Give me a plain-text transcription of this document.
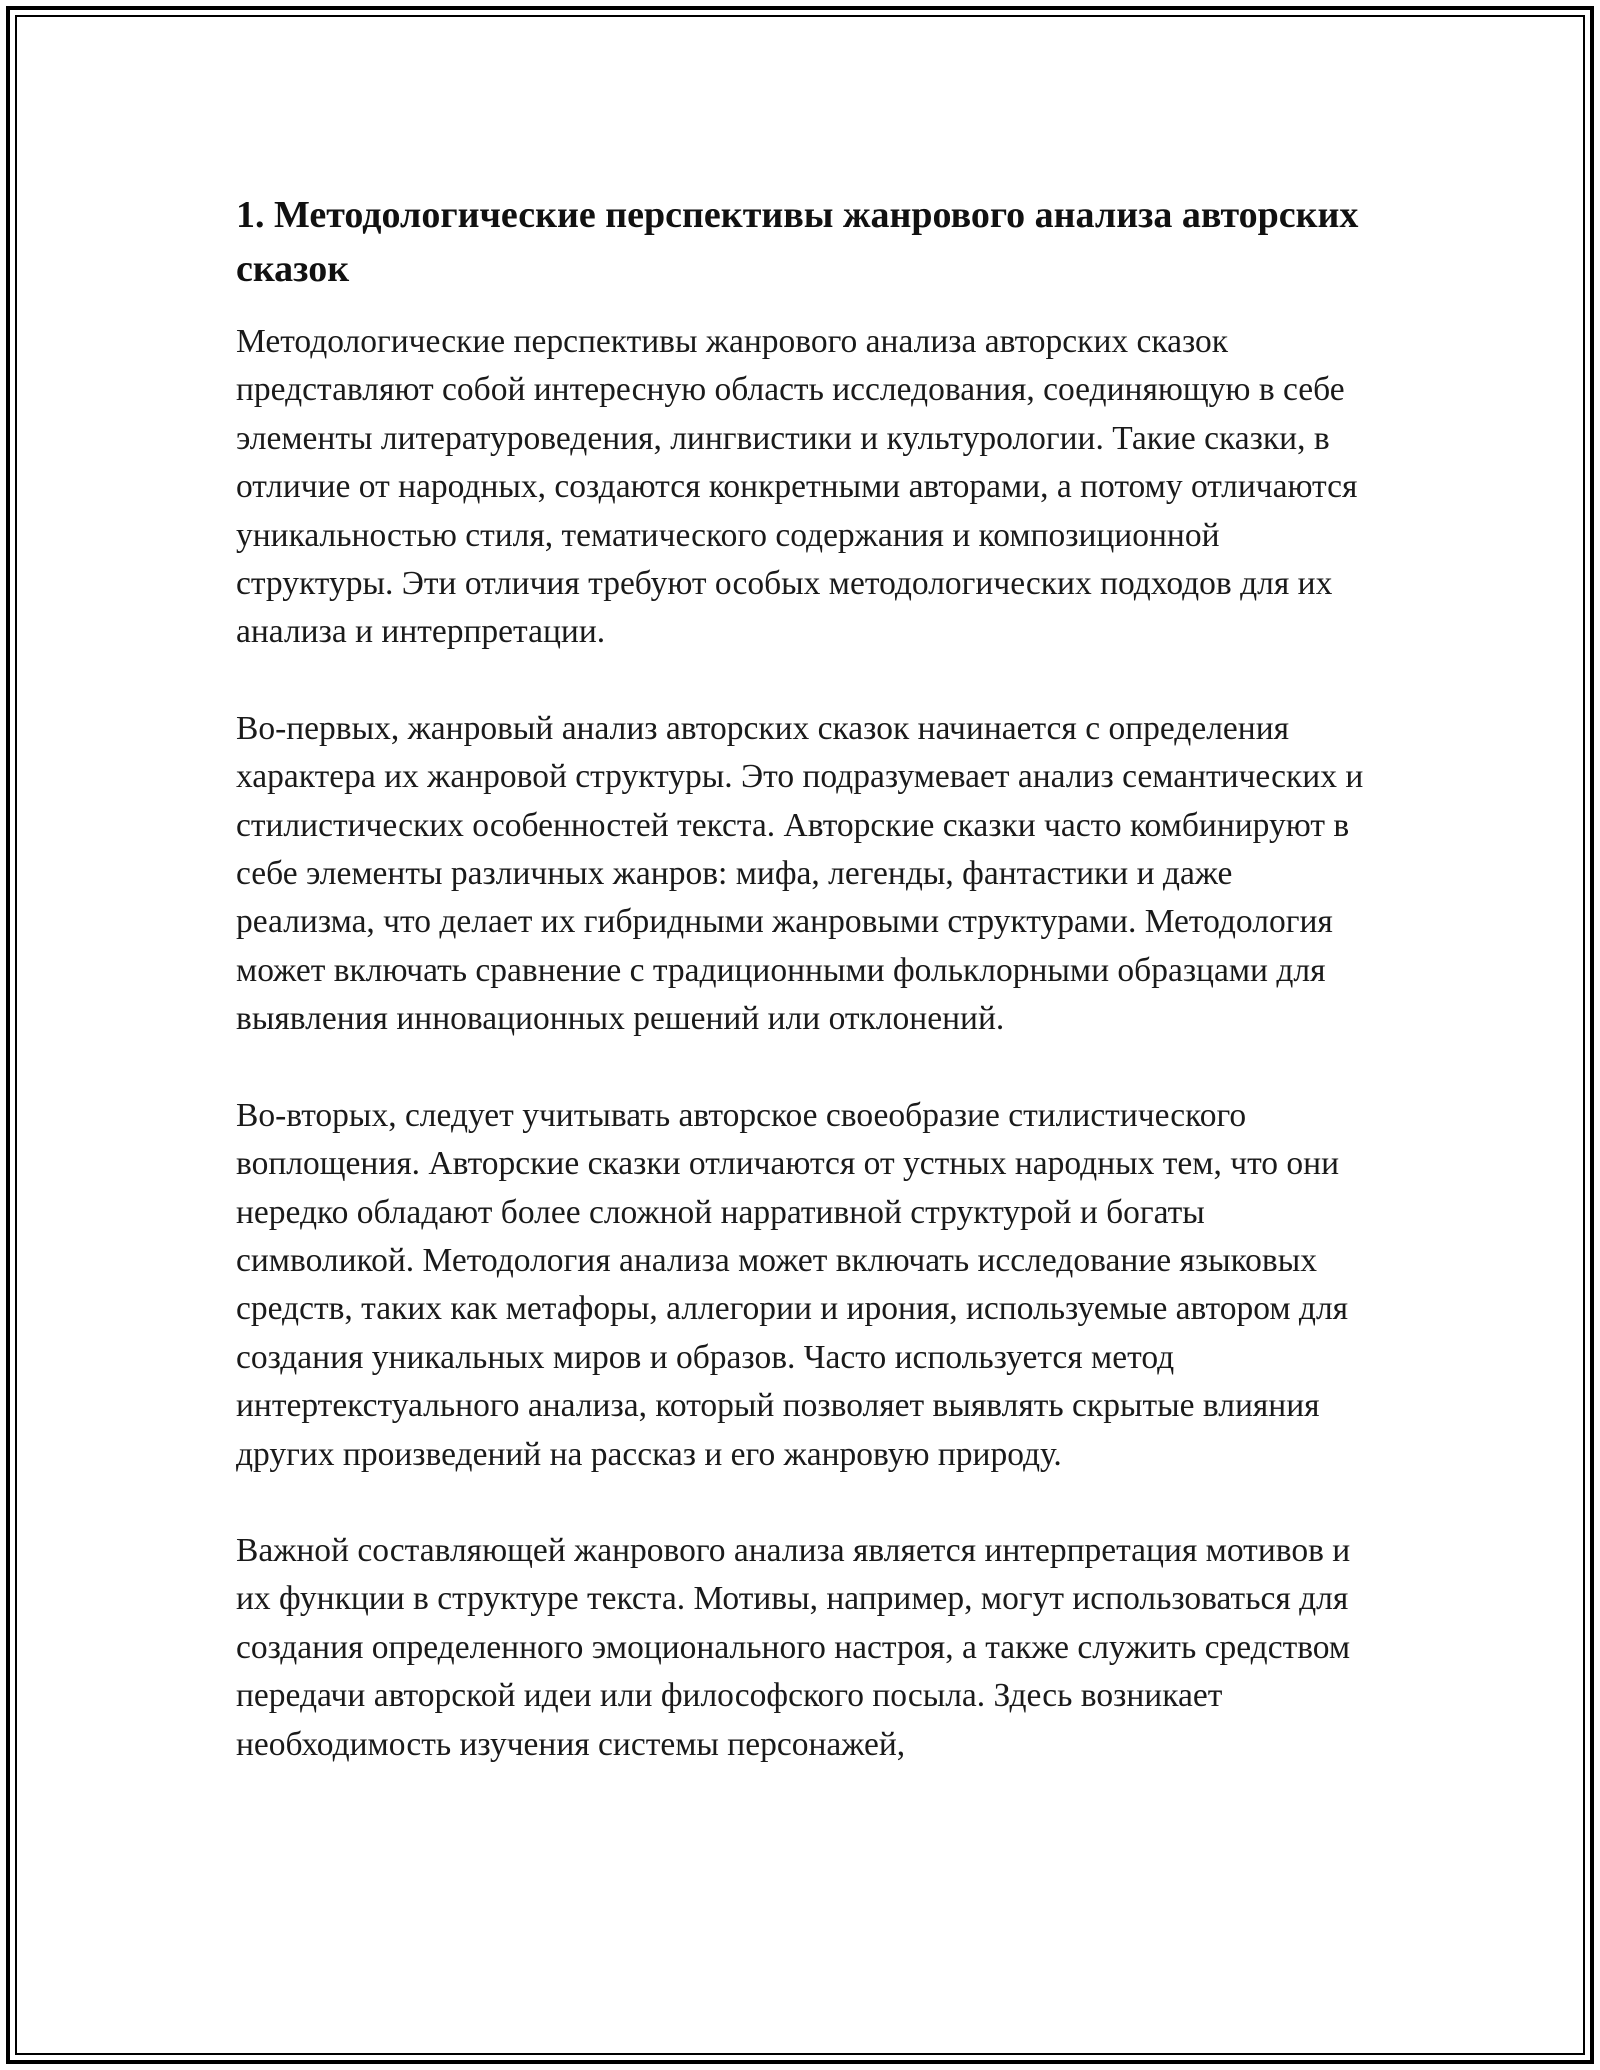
1. Методологические перспективы жанрового анализа авторских сказок

Методологические перспективы жанрового анализа авторских сказок представляют собой интересную область исследования, соединяющую в себе элементы литературоведения, лингвистики и культурологии. Такие сказки, в отличие от народных, создаются конкретными авторами, а потому отличаются уникальностью стиля, тематического содержания и композиционной структуры. Эти отличия требуют особых методологических подходов для их анализа и интерпретации.

Во-первых, жанровый анализ авторских сказок начинается с определения характера их жанровой структуры. Это подразумевает анализ семантических и стилистических особенностей текста. Авторские сказки часто комбинируют в себе элементы различных жанров: мифа, легенды, фантастики и даже реализма, что делает их гибридными жанровыми структурами. Методология может включать сравнение с традиционными фольклорными образцами для выявления инновационных решений или отклонений.

Во-вторых, следует учитывать авторское своеобразие стилистического воплощения. Авторские сказки отличаются от устных народных тем, что они нередко обладают более сложной нарративной структурой и богаты символикой. Методология анализа может включать исследование языковых средств, таких как метафоры, аллегории и ирония, используемые автором для создания уникальных миров и образов. Часто используется метод интертекстуального анализа, который позволяет выявлять скрытые влияния других произведений на рассказ и его жанровую природу.

Важной составляющей жанрового анализа является интерпретация мотивов и их функции в структуре текста. Мотивы, например, могут использоваться для создания определенного эмоционального настроя, а также служить средством передачи авторской идеи или философского посыла. Здесь возникает необходимость изучения системы персонажей,
